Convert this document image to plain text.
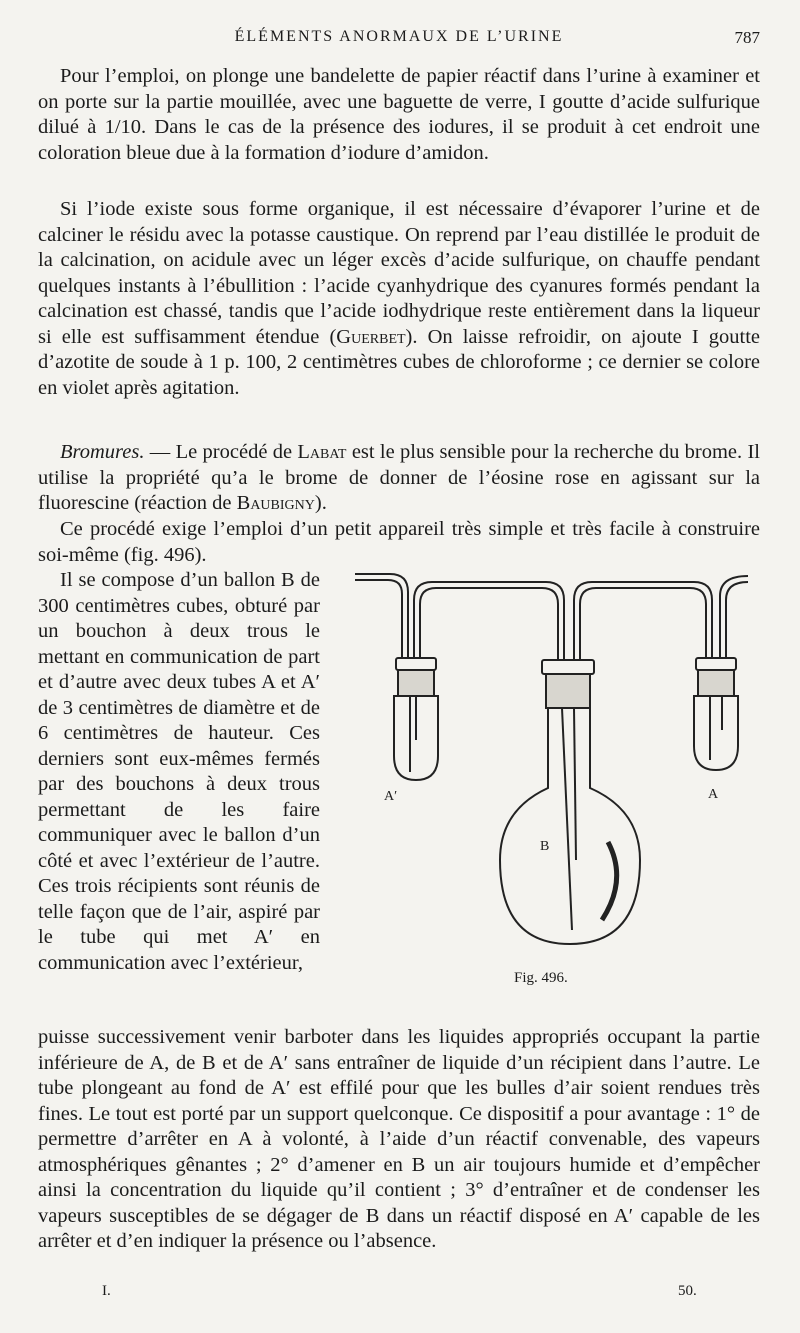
ÉLÉMENTS ANORMAUX DE L’URINE	787

Pour l’emploi, on plonge une bandelette de papier réactif dans l’urine à examiner et on porte sur la partie mouillée, avec une baguette de verre, I goutte d’acide sulfurique dilué à 1/10. Dans le cas de la présence des iodures, il se produit à cet endroit une coloration bleue due à la formation d’iodure d’amidon.

Si l’iode existe sous forme organique, il est nécessaire d’évaporer l’urine et de calciner le résidu avec la potasse caustique. On reprend par l’eau distillée le produit de la calcination, on acidule avec un léger excès d’acide sulfurique, on chauffe pendant quelques instants à l’ébullition : l’acide cyanhydrique des cyanures formés pendant la calcination est chassé, tandis que l’acide iodhydrique reste entièrement dans la liqueur si elle est suffisamment étendue (Guerbet). On laisse refroidir, on ajoute I goutte d’azotite de soude à 1 p. 100, 2 centimètres cubes de chloroforme ; ce dernier se colore en violet après agitation.

Bromures. — Le procédé de Labat est le plus sensible pour la recherche du brome. Il utilise la propriété qu’a le brome de donner de l’éosine rose en agissant sur la fluorescine (réaction de Baubigny).

Ce procédé exige l’emploi d’un petit appareil très simple et très facile à construire soi-même (fig. 496).

Il se compose d’un ballon B de 300 centimètres cubes, obturé par un bouchon à deux trous le mettant en communication de part et d’autre avec deux tubes A et A′ de 3 centimètres de diamètre et de 6 centimètres de hauteur. Ces derniers sont eux-mêmes fermés par des bouchons à deux trous permettant de les faire communiquer avec le ballon d’un côté et avec l’extérieur de l’autre. Ces trois récipients sont réunis de telle façon que de l’air, aspiré par le tube qui met A′ en communication avec l’extérieur,

A′	A
B
Fig. 496.

puisse successivement venir barboter dans les liquides appropriés occupant la partie inférieure de A, de B et de A′ sans entraîner de liquide d’un récipient dans l’autre. Le tube plongeant au fond de A′ est effilé pour que les bulles d’air soient rendues très fines. Le tout est porté par un support quelconque. Ce dispositif a pour avantage : 1° de permettre d’arrêter en A à volonté, à l’aide d’un réactif convenable, des vapeurs atmosphériques gênantes ; 2° d’amener en B un air toujours humide et d’empêcher ainsi la concentration du liquide qu’il contient ; 3° d’entraîner et de condenser les vapeurs susceptibles de se dégager de B dans un réactif disposé en A′ capable de les arrêter et d’en indiquer la présence ou l’absence.

I.	50.
